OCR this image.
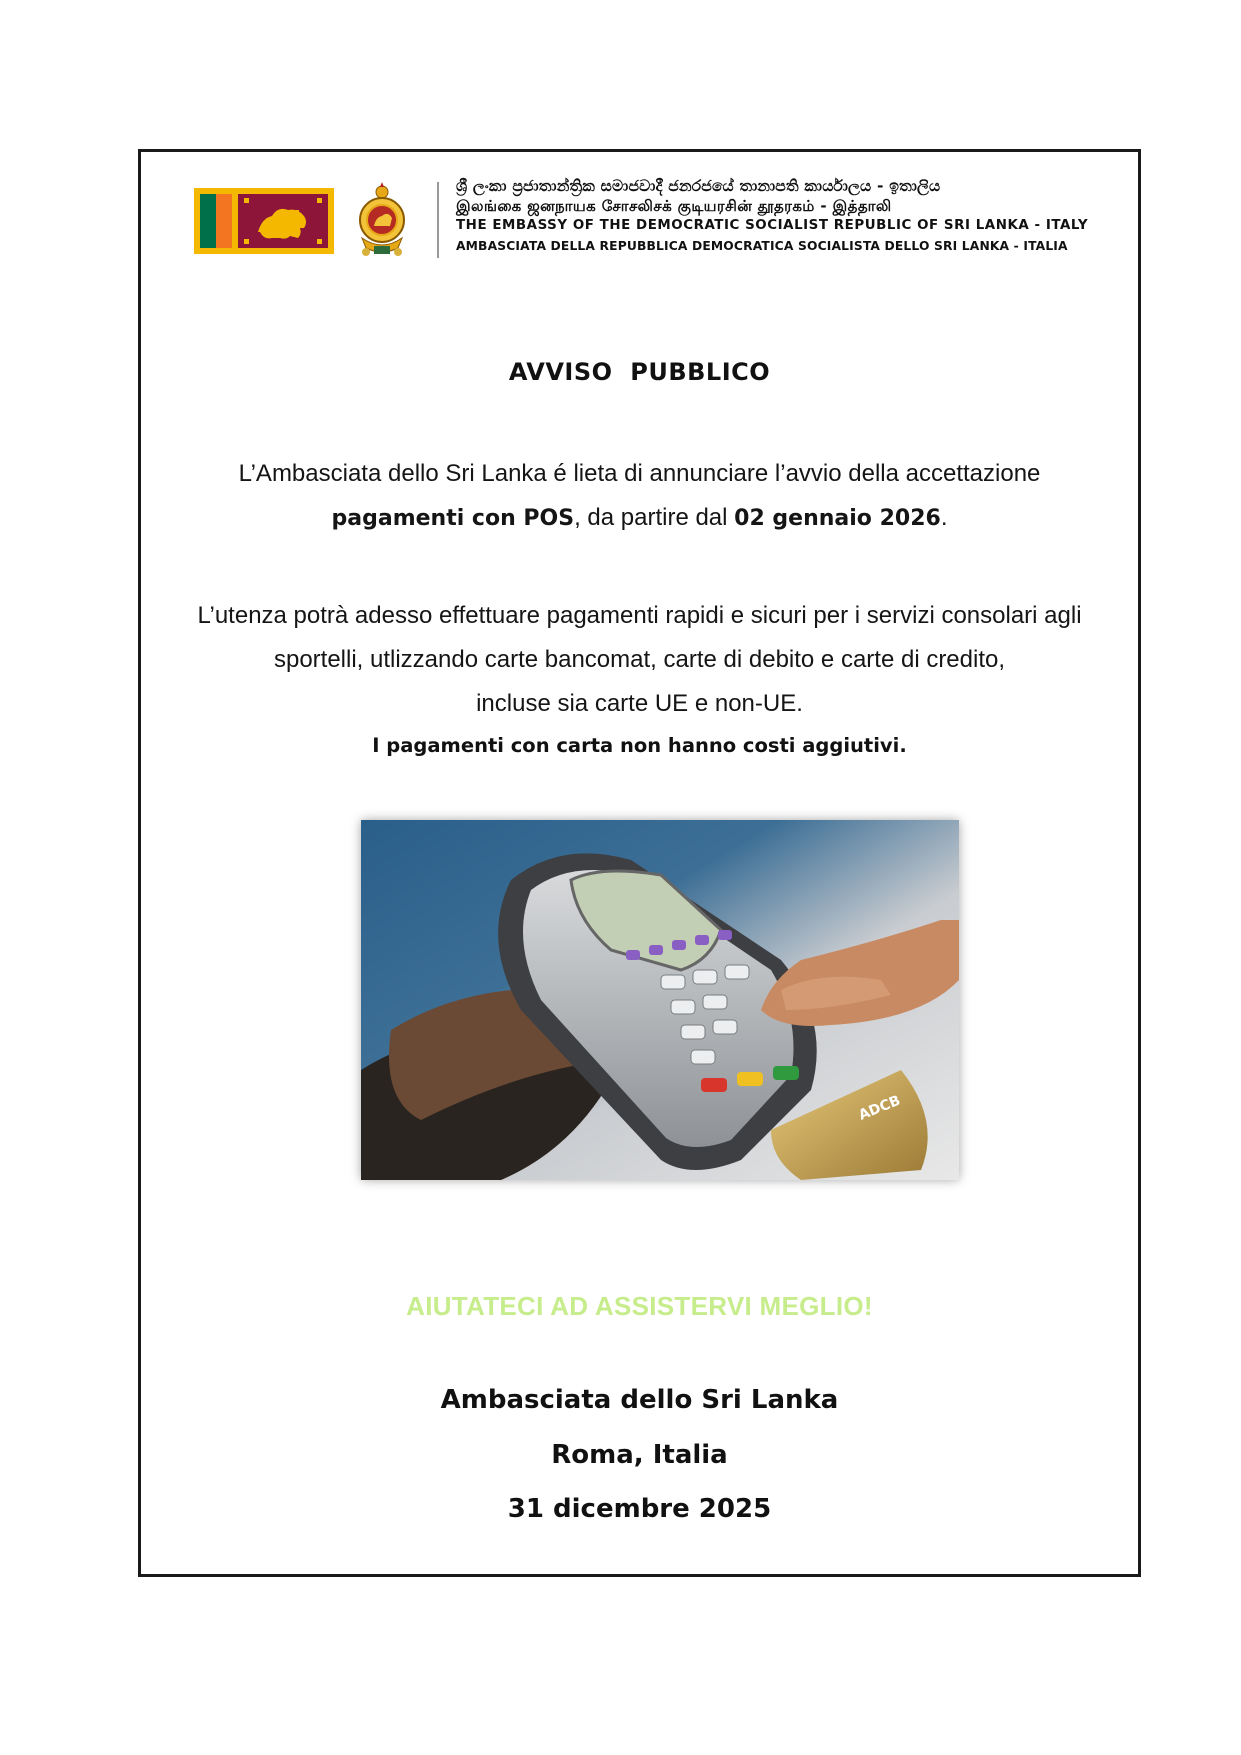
ශ්‍රී ලංකා ප්‍රජාතාන්ත්‍රික සමාජවාදී ජනරජයේ තානාපති කාර්යාලය - ඉතාලිය
இலங்கை ஜனநாயக சோசலிசக் குடியரசின் தூதரகம் - இத்தாலி
THE EMBASSY OF THE DEMOCRATIC SOCIALIST REPUBLIC OF SRI LANKA - ITALY
AMBASCIATA DELLA REPUBBLICA DEMOCRATICA SOCIALISTA DELLO SRI LANKA - ITALIA
AVVISO  PUBBLICO
L’Ambasciata dello Sri Lanka é lieta di annunciare l’avvio della accettazione
pagamenti con POS, da partire dal 02 gennaio 2026.
L’utenza potrà adesso effettuare pagamenti rapidi e sicuri per i servizi consolari agli
sportelli, utlizzando carte bancomat, carte di debito e carte di credito,
incluse sia carte UE e non-UE.
I pagamenti con carta non hanno costi aggiutivi.
ADCB
AIUTATECI AD ASSISTERVI MEGLIO!
Ambasciata dello Sri Lanka
Roma, Italia
31 dicembre 2025
